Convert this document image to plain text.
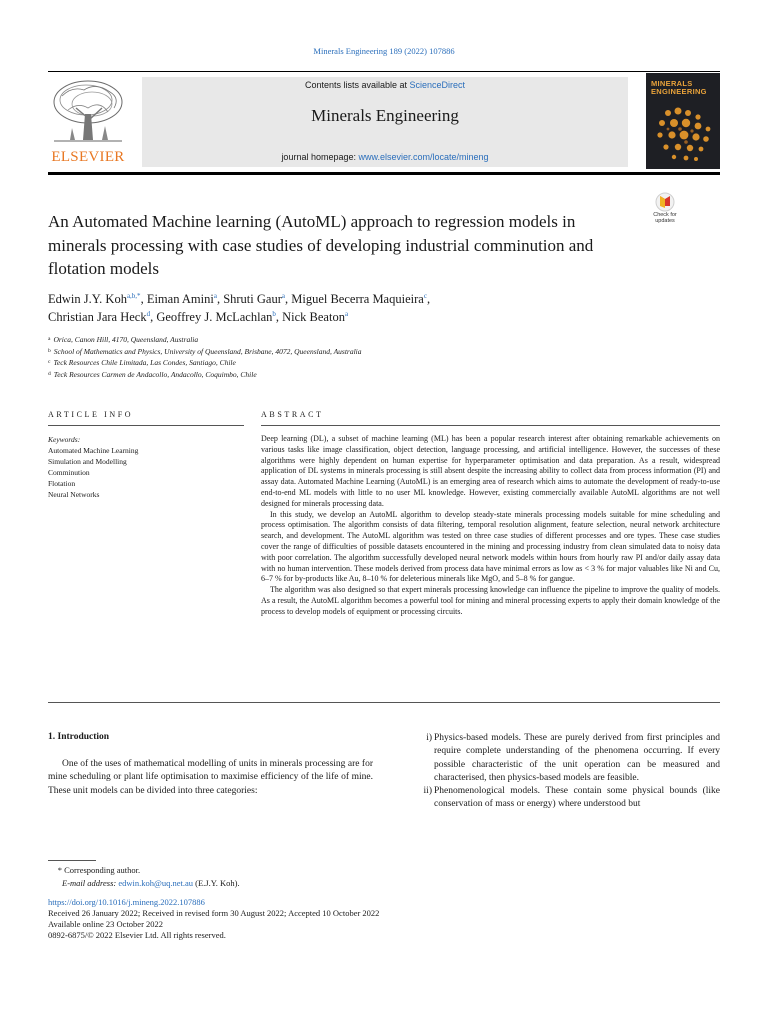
Minerals Engineering 189 (2022) 107886
ELSEVIER
Contents lists available at ScienceDirect
Minerals Engineering
journal homepage: www.elsevier.com/locate/mineng
MINERALS
ENGINEERING
An Automated Machine learning (AutoML) approach to regression models in minerals processing with case studies of developing industrial comminution and flotation models
Check for updates
Edwin J.Y. Koh$^{a,b,*}$, Eiman Amini$^a$, Shruti Gaur$^a$, Miguel Becerra Maquieira$^c$,
Christian Jara Heck$^d$, Geoffrey J. McLachlan$^b$, Nick Beaton$^a$
$^a$ Orica, Canon Hill, 4170, Queensland, Australia
$^b$ School of Mathematics and Physics, University of Queensland, Brisbane, 4072, Queensland, Australia
$^c$ Teck Resources Chile Limitada, Las Condes, Santiago, Chile
$^d$ Teck Resources Carmen de Andacollo, Andacollo, Coquimbo, Chile
ARTICLE INFO
Keywords:
Automated Machine Learning
Simulation and Modelling
Comminution
Flotation
Neural Networks
ABSTRACT

Deep learning (DL), a subset of machine learning (ML) has been a popular research interest after obtaining remarkable achievements on various tasks like image classification, object detection, language processing, and artificial intelligence. However, the successes of these algorithms were highly dependent on human expertise for hyperparameter optimisation and data preparation. As a result, widespread application of DL systems in minerals processing is still absent despite the increasing ability to collect data from process information (PI) and assay data. Automated Machine Learning (AutoML) is an emerging area of research which aims to automate the development of ready-to-use end-to-end ML models with little to no user ML knowledge. However, existing commercially available AutoML algorithms are not well designed for minerals processing data.

In this study, we develop an AutoML algorithm to develop steady-state minerals processing models suitable for mine scheduling and process optimisation. The algorithm consists of data filtering, temporal resolution alignment, feature selection, neural network architecture search, and development. The AutoML algorithm was tested on three case studies of different processes and ore types. These case studies cover the range of difficulties of possible datasets encountered in the mining and processing industry from clean simulated data to noisy data with poor correlation. The algorithm successfully developed neural network models within hours from hourly raw PI and/or daily assay data with no human intervention. These models derived from process data have minimal errors as low as < 3 % for major valuables like Ni and Cu, 6–7 % for by-products like Au, 8–10 % for deleterious minerals like MgO, and 5–8 % for gangue.

The algorithm was also designed so that expert minerals processing knowledge can influence the pipeline to improve the quality of models. As a result, the AutoML algorithm becomes a powerful tool for mining and mineral processing experts to apply their domain knowledge of the process to develop models of equipment or processing circuits.

1. Introduction

One of the uses of mathematical modelling of units in minerals processing are for mine scheduling or plant life optimisation to maximise efficiency of the life of mine. These unit models can be divided into three categories:

i) Physics-based models. These are purely derived from first principles and require complete understanding of the phenomena occurring. If every possible characteristic of the unit operation can be measured and characterised, then physics-based models are feasible.
ii) Phenomenological models. These contain some physical bounds (like conservation of mass or energy) where understood but
* Corresponding author.
E-mail address: edwin.koh@uq.net.au (E.J.Y. Koh).
https://doi.org/10.1016/j.mineng.2022.107886
Received 26 January 2022; Received in revised form 30 August 2022; Accepted 10 October 2022
Available online 23 October 2022
0892-6875/© 2022 Elsevier Ltd. All rights reserved.
